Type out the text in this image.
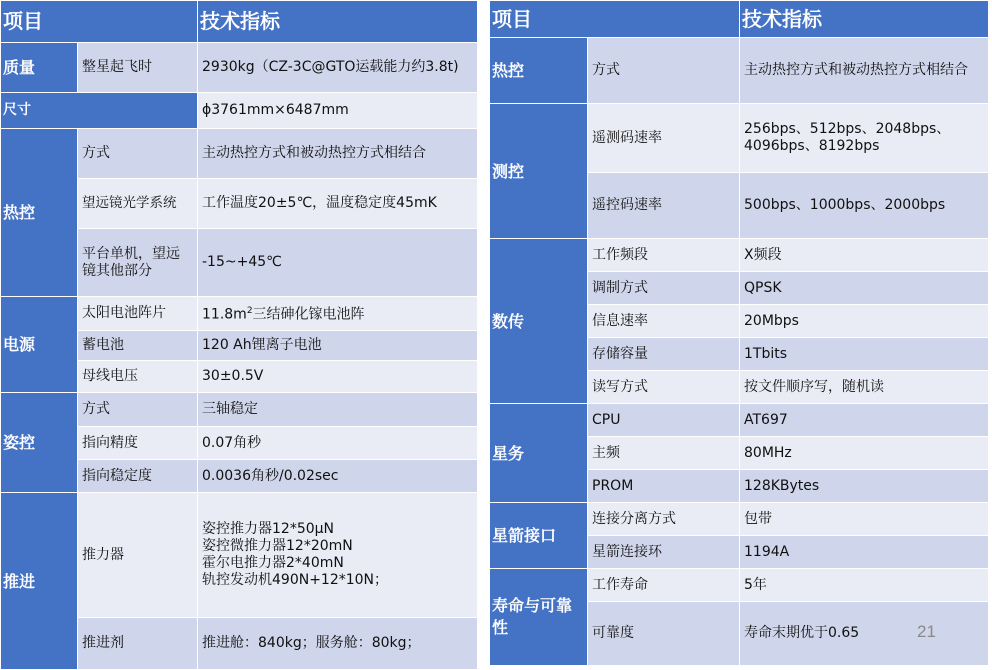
项目		技术指标
质量	整星起飞时	2930kg（CZ-3C@GTO运载能力约3.8t)
尺寸		ϕ3761mm×6487mm
热控	方式	主动热控方式和被动热控方式相结合
	望远镜光学系统	工作温度20±5℃，温度稳定度45mK
	平台单机，望远镜其他部分	-15~+45℃
电源	太阳电池阵片	$11.8m^2$三结砷化镓电池阵
	蓄电池	120 Ah锂离子电池
	母线电压	30±0.5V
姿控	方式	三轴稳定
	指向精度	0.07角秒
	指向稳定度	0.0036角秒/0.02sec
推进	推力器	姿控推力器12*50μN
姿控微推力器12*20mN
霍尔电推力器2*40mN
轨控发动机490N+12*10N；
	推进剂	推进舱：840kg；服务舱：80kg；
项目		技术指标
热控	方式	主动热控方式和被动热控方式相结合
测控	遥测码速率	256bps、512bps、2048bps、4096bps、8192bps
	遥控码速率	500bps、1000bps、2000bps
数传	工作频段	X频段
	调制方式	QPSK
	信息速率	20Mbps
	存储容量	1Tbits
	读写方式	按文件顺序写，随机读
星务	CPU	AT697
	主频	80MHz
	PROM	128KBytes
星箭接口	连接分离方式	包带
	星箭连接环	1194A
寿命与可靠性	工作寿命	5年
	可靠度	寿命末期优于0.65	21
